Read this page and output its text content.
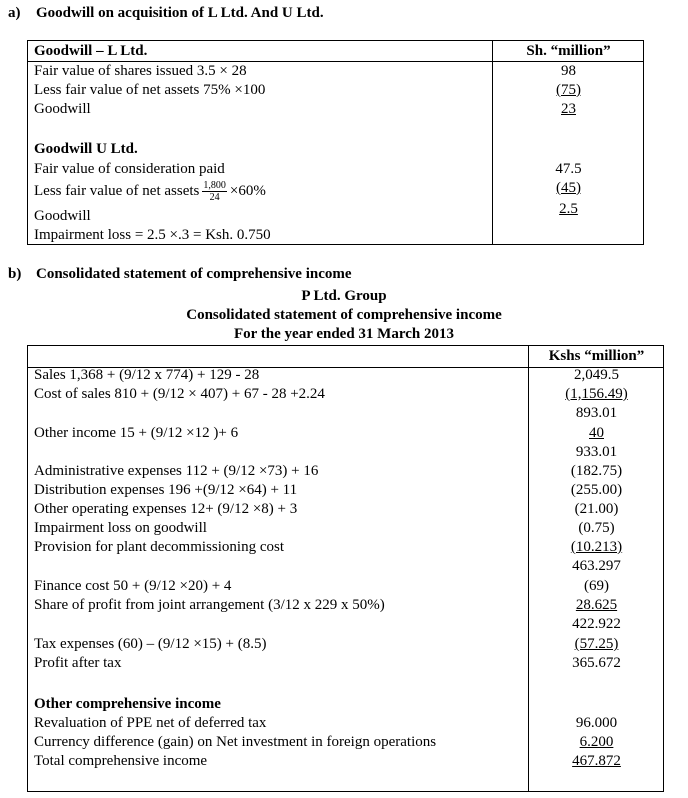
a) Goodwill on acquisition of L Ltd. And U Ltd.
Goodwill – L Ltd.	Sh. “million”
Fair value of shares issued 3.5 × 28	98
Less fair value of net assets 75% ×100	(75)
Goodwill	23
Goodwill U Ltd.
Fair value of consideration paid	47.5
Less fair value of net assets $\frac{1,800}{24} \times 60\%$	(45)
Goodwill	2.5
Impairment loss = 2.5 ×.3 = Ksh. 0.750
b) Consolidated statement of comprehensive income
P Ltd. Group
Consolidated statement of comprehensive income
For the year ended 31 March 2013
Kshs “million”
Sales 1,368 + (9/12 x 774) + 129 - 28	2,049.5
Cost of sales 810 + (9/12 × 407) + 67 - 28 +2.24	(1,156.49)
893.01
Other income 15 + (9/12 ×12 )+ 6	40
933.01
Administrative expenses 112 + (9/12 ×73) + 16	(182.75)
Distribution expenses 196 +(9/12 ×64) + 11	(255.00)
Other operating expenses 12+ (9/12 ×8) + 3	(21.00)
Impairment loss on goodwill	(0.75)
Provision for plant decommissioning cost	(10.213)
463.297
Finance cost 50 + (9/12 ×20) + 4	(69)
Share of profit from joint arrangement (3/12 x 229 x 50%)	28.625
422.922
Tax expenses (60) – (9/12 ×15) + (8.5)	(57.25)
Profit after tax	365.672
Other comprehensive income
Revaluation of PPE net of deferred tax	96.000
Currency difference (gain) on Net investment in foreign operations	6.200
Total comprehensive income	467.872
